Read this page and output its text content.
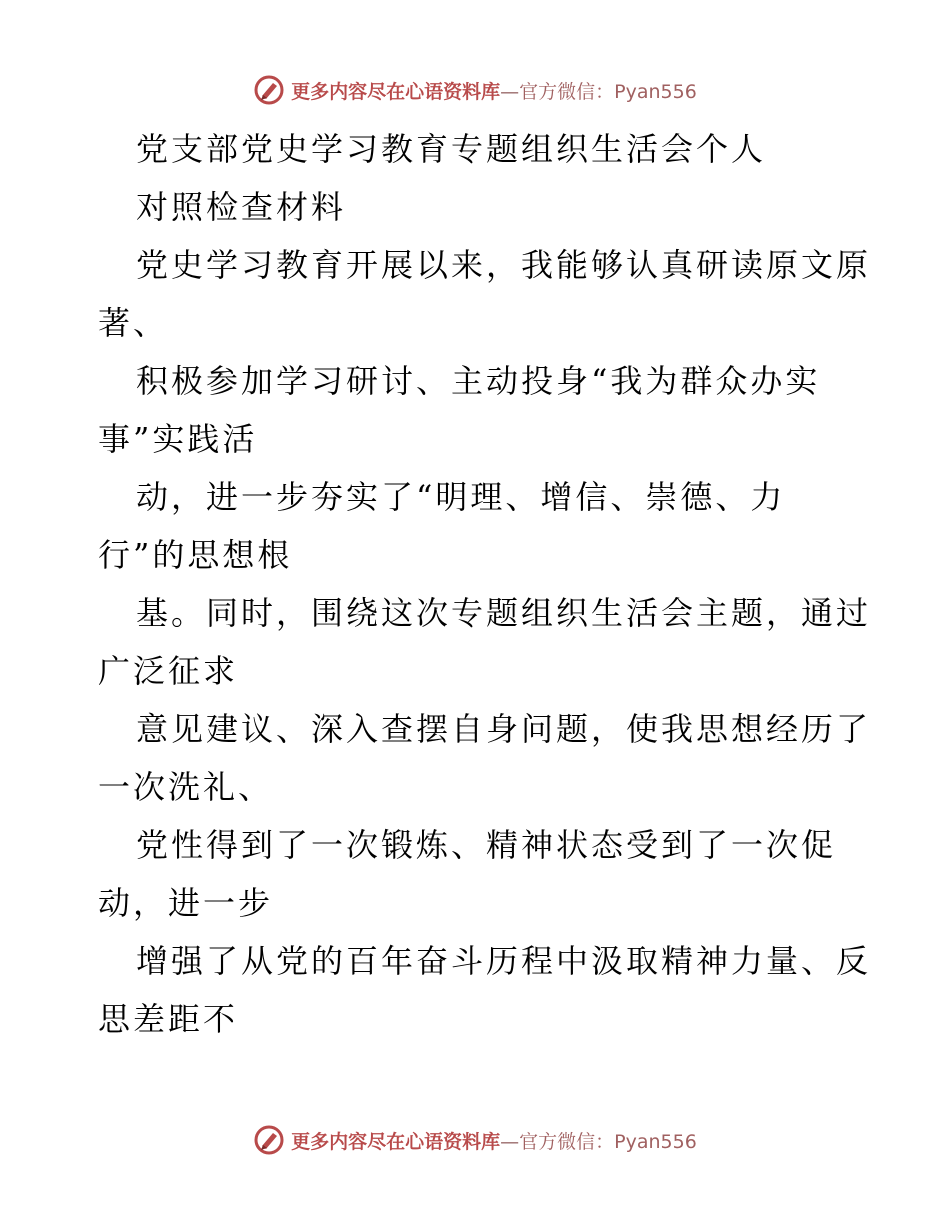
更多内容尽在心语资料库—官方微信：Pyan556
党支部党史学习教育专题组织生活会个人
对照检查材料
党史学习教育开展以来，我能够认真研读原文原
著、
积极参加学习研讨、主动投身“我为群众办实
事”实践活
动，进一步夯实了“明理、增信、崇德、力
行”的思想根
基。同时，围绕这次专题组织生活会主题，通过
广泛征求
意见建议、深入查摆自身问题，使我思想经历了
一次洗礼、
党性得到了一次锻炼、精神状态受到了一次促
动，进一步
增强了从党的百年奋斗历程中汲取精神力量、反
思差距不
更多内容尽在心语资料库—官方微信：Pyan556
